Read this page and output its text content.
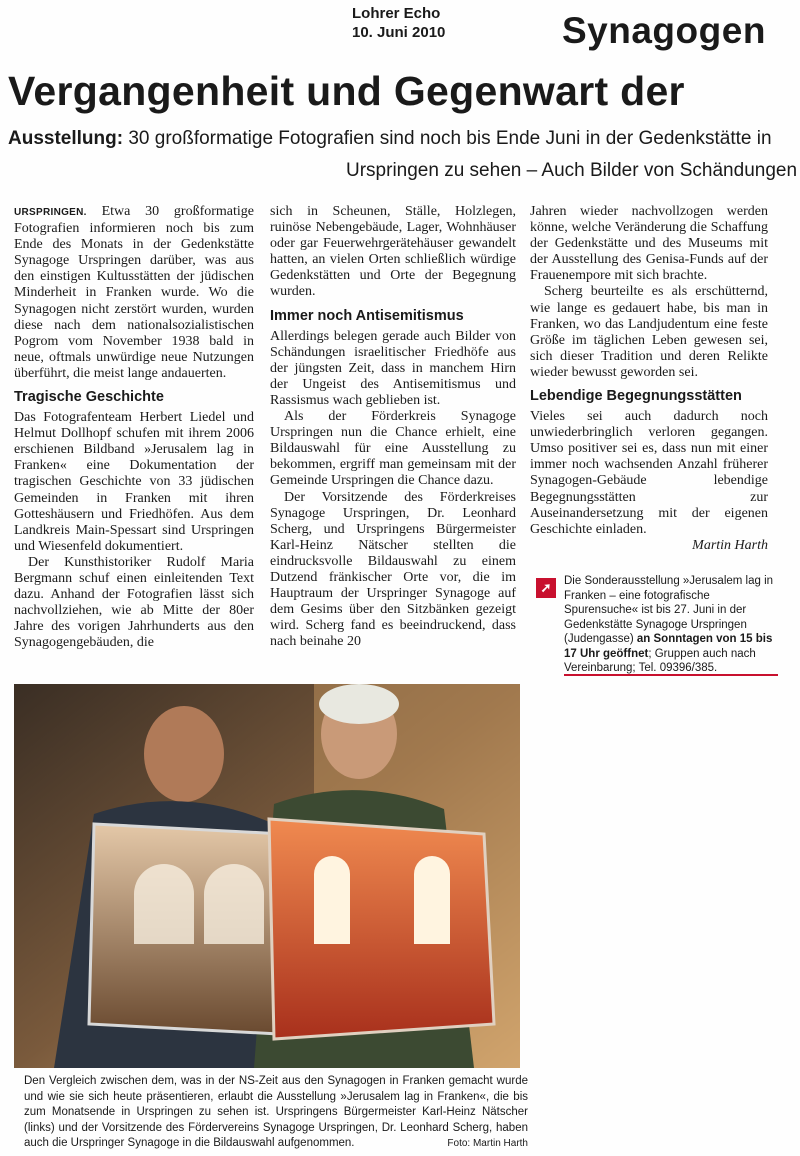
Lohrer Echo
10. Juni 2010	Synagogen
Vergangenheit und Gegenwart der
Ausstellung: 30 großformatige Fotografien sind noch bis Ende Juni in der Gedenkstätte in
Urspringen zu sehen – Auch Bilder von Schändungen

URSPRINGEN. Etwa 30 großformatige Fotografien informieren noch bis zum Ende des Monats in der Gedenkstätte Synagoge Urspringen darüber, was aus den einstigen Kultusstätten der jüdischen Minderheit in Franken wurde. Wo die Synagogen nicht zerstört wurden, wurden diese nach dem nationalsozialistischen Pogrom vom November 1938 bald in neue, oftmals unwürdige neue Nutzungen überführt, die meist lange andauerten.

Tragische Geschichte

Das Fotografenteam Herbert Liedel und Helmut Dollhopf schufen mit ihrem 2006 erschienen Bildband »Jerusalem lag in Franken« eine Dokumentation der tragischen Geschichte von 33 jüdischen Gemeinden in Franken mit ihren Gotteshäusern und Friedhöfen. Aus dem Landkreis Main-Spessart sind Urspringen und Wiesenfeld dokumentiert.

Der Kunsthistoriker Rudolf Maria Bergmann schuf einen einleitenden Text dazu. Anhand der Fotografien lässt sich nachvollziehen, wie ab Mitte der 80er Jahre des vorigen Jahrhunderts aus den Synagogengebäuden, die

sich in Scheunen, Ställe, Holzlegen, ruinöse Nebengebäude, Lager, Wohnhäuser oder gar Feuerwehrgerätehäuser gewandelt hatten, an vielen Orten schließlich würdige Gedenkstätten und Orte der Begegnung wurden.

Immer noch Antisemitismus

Allerdings belegen gerade auch Bilder von Schändungen israelitischer Friedhöfe aus der jüngsten Zeit, dass in manchem Hirn der Ungeist des Antisemitismus und Rassismus wach geblieben ist.

Als der Förderkreis Synagoge Urspringen nun die Chance erhielt, eine Bildauswahl für eine Ausstellung zu bekommen, ergriff man gemeinsam mit der Gemeinde Urspringen die Chance dazu.

Der Vorsitzende des Förderkreises Synagoge Urspringen, Dr. Leonhard Scherg, und Urspringens Bürgermeister Karl-Heinz Nätscher stellten die eindrucksvolle Bildauswahl zu einem Dutzend fränkischer Orte vor, die im Hauptraum der Urspringer Synagoge auf dem Gesims über den Sitzbänken gezeigt wird. Scherg fand es beeindruckend, dass nach beinahe 20

Jahren wieder nachvollzogen werden könne, welche Veränderung die Schaffung der Gedenkstätte und des Museums mit der Ausstellung des Genisa-Funds auf der Frauenempore mit sich brachte.

Scherg beurteilte es als erschütternd, wie lange es gedauert habe, bis man in Franken, wo das Landjudentum eine feste Größe im täglichen Leben gewesen sei, sich dieser Tradition und deren Relikte wieder bewusst geworden sei.

Lebendige Begegnungsstätten

Vieles sei auch dadurch noch unwiederbringlich verloren gegangen. Umso positiver sei es, dass nun mit einer immer noch wachsenden Anzahl früherer Synagogen-Gebäude lebendige Begegnungsstätten zur Auseinandersetzung mit der eigenen Geschichte einladen.

Martin Harth

➚	Die Sonderausstellung »Jerusalem lag in Franken – eine fotografische Spurensuche« ist bis 27. Juni in der Gedenkstätte Synagoge Urspringen (Judengasse) an Sonntagen von 15 bis 17 Uhr geöffnet; Gruppen auch nach Vereinbarung; Tel. 09396/385.
Den Vergleich zwischen dem, was in der NS-Zeit aus den Synagogen in Franken gemacht wurde und wie sie sich heute präsentieren, erlaubt die Ausstellung »Jerusalem lag in Franken«, die bis zum Monatsende in Urspringen zu sehen ist. Urspringens Bürgermeister Karl-Heinz Nätscher (links) und der Vorsitzende des Fördervereins Synagoge Urspringen, Dr. Leonhard Scherg, haben auch die Urspringer Synagoge in die Bildauswahl aufgenommen.	Foto: Martin Harth
